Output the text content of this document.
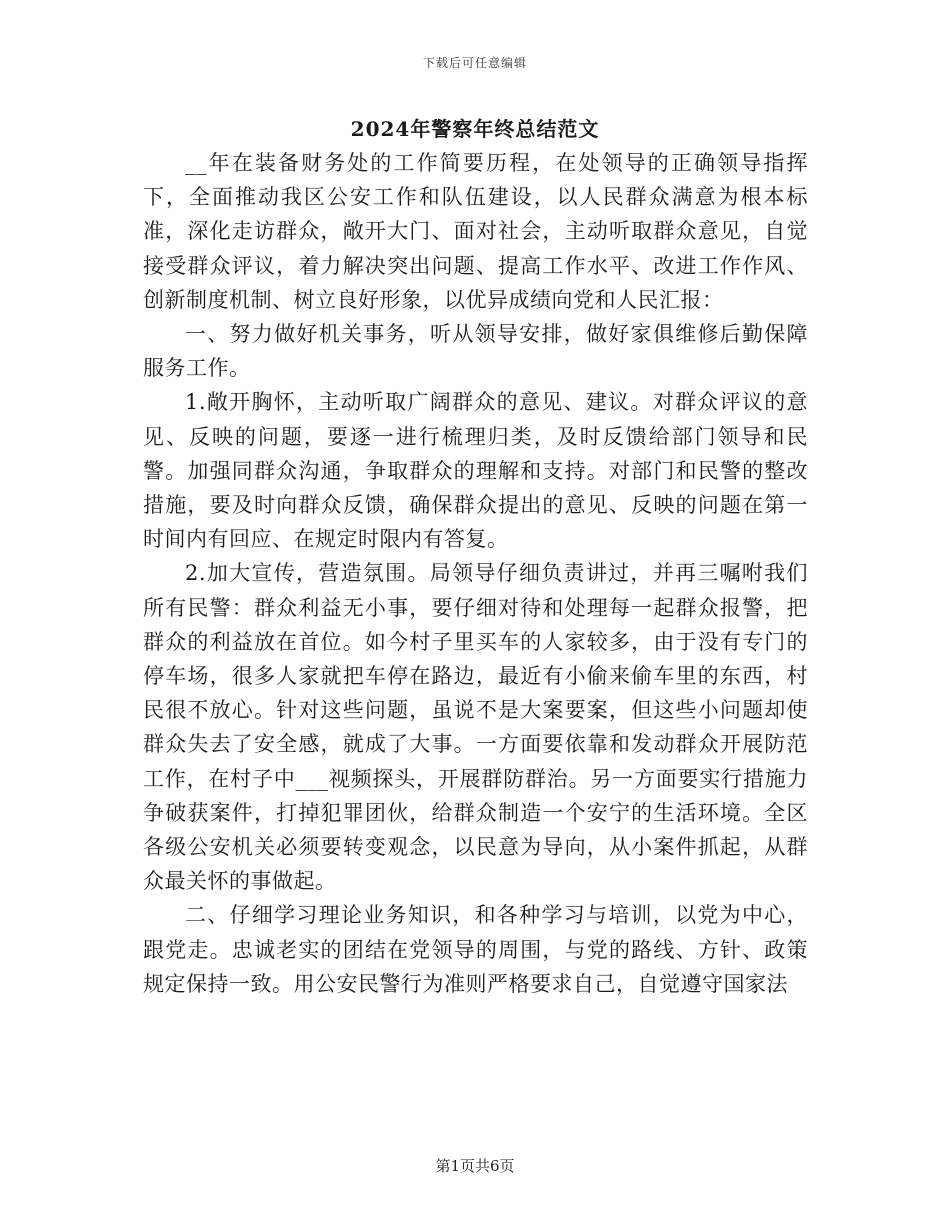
下载后可任意编辑
2024年警察年终总结范文

__年在装备财务处的工作简要历程，在处领导的正确领导指挥下，全面推动我区公安工作和队伍建设，以人民群众满意为根本标准，深化走访群众，敞开大门、面对社会，主动听取群众意见，自觉接受群众评议，着力解决突出问题、提高工作水平、改进工作作风、创新制度机制、树立良好形象，以优异成绩向党和人民汇报：

一、努力做好机关事务，听从领导安排，做好家俱维修后勤保障服务工作。

1.敞开胸怀，主动听取广阔群众的意见、建议。对群众评议的意见、反映的问题，要逐一进行梳理归类，及时反馈给部门领导和民警。加强同群众沟通，争取群众的理解和支持。对部门和民警的整改措施，要及时向群众反馈，确保群众提出的意见、反映的问题在第一时间内有回应、在规定时限内有答复。

2.加大宣传，营造氛围。局领导仔细负责讲过，并再三嘱咐我们所有民警：群众利益无小事，要仔细对待和处理每一起群众报警，把群众的利益放在首位。如今村子里买车的人家较多，由于没有专门的停车场，很多人家就把车停在路边，最近有小偷来偷车里的东西，村民很不放心。针对这些问题，虽说不是大案要案，但这些小问题却使群众失去了安全感，就成了大事。一方面要依靠和发动群众开展防范工作，在村子中___视频探头，开展群防群治。另一方面要实行措施力争破获案件，打掉犯罪团伙，给群众制造一个安宁的生活环境。全区各级公安机关必须要转变观念，以民意为导向，从小案件抓起，从群众最关怀的事做起。

二、仔细学习理论业务知识，和各种学习与培训，以党为中心，跟党走。忠诚老实的团结在党领导的周围，与党的路线、方针、政策规定保持一致。用公安民警行为准则严格要求自己，自觉遵守国家法

第1页共6页
